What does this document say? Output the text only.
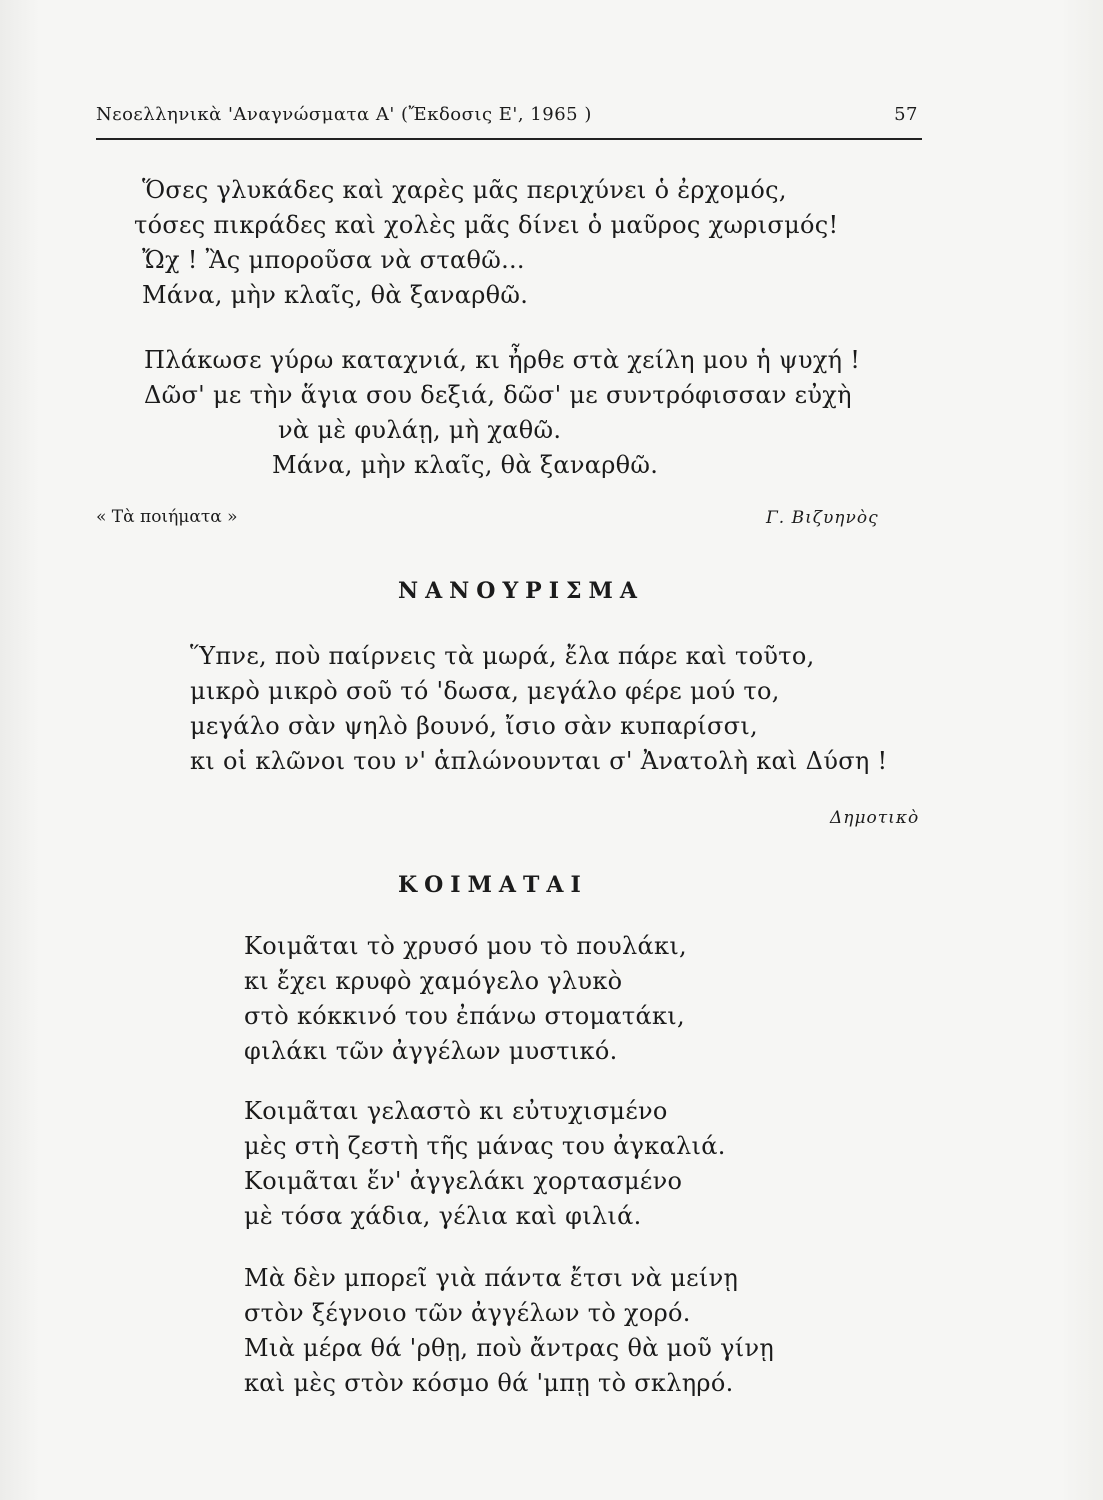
Νεοελληνικὰ 'Αναγνώσματα Α' (Ἔκδοσις Ε', 1965 )	57
Ὅσες γλυκάδες καὶ χαρὲς μᾶς περιχύνει ὁ ἐρχομός,
τόσες πικράδες καὶ χολὲς μᾶς δίνει ὁ μαῦρος χωρισμός!
Ὤχ ! Ἂς μποροῦσα νὰ σταθῶ...
Μάνα, μὴν κλαῖς, θὰ ξαναρθῶ.
Πλάκωσε γύρω καταχνιά, κι ἦρθε στὰ χείλη μου ἡ ψυχή !
Δῶσ' με τὴν ἅγια σου δεξιά, δῶσ' με συντρόφισσαν εὐχὴ
νὰ μὲ φυλάῃ, μὴ χαθῶ.
Μάνα, μὴν κλαῖς, θὰ ξαναρθῶ.
« Τὰ ποιήματα »	Γ. Βιζυηνὸς
ΝΑΝΟΥΡΙΣΜΑ
Ὕπνε, ποὺ παίρνεις τὰ μωρά, ἔλα πάρε καὶ τοῦτο,
μικρὸ μικρὸ σοῦ τό 'δωσα, μεγάλο φέρε μού το,
μεγάλο σὰν ψηλὸ βουνό, ἴσιο σὰν κυπαρίσσι,
κι οἱ κλῶνοι του ν' ἁπλώνουνται σ' Ἀνατολὴ καὶ Δύση !
Δημοτικὸ
ΚΟΙΜΑΤΑΙ
Κοιμᾶται τὸ χρυσό μου τὸ πουλάκι,
κι ἔχει κρυφὸ χαμόγελο γλυκὸ
στὸ κόκκινό του ἐπάνω στοματάκι,
φιλάκι τῶν ἀγγέλων μυστικό.
Κοιμᾶται γελαστὸ κι εὐτυχισμένο
μὲς στὴ ζεστὴ τῆς μάνας του ἀγκαλιά.
Κοιμᾶται ἕν' ἀγγελάκι χορτασμένο
μὲ τόσα χάδια, γέλια καὶ φιλιά.
Μὰ δὲν μπορεῖ γιὰ πάντα ἔτσι νὰ μείνῃ
στὸν ξέγνοιο τῶν ἀγγέλων τὸ χορό.
Μιὰ μέρα θά 'ρθῃ, ποὺ ἄντρας θὰ μοῦ γίνῃ
καὶ μὲς στὸν κόσμο θά 'μπῃ τὸ σκληρό.
